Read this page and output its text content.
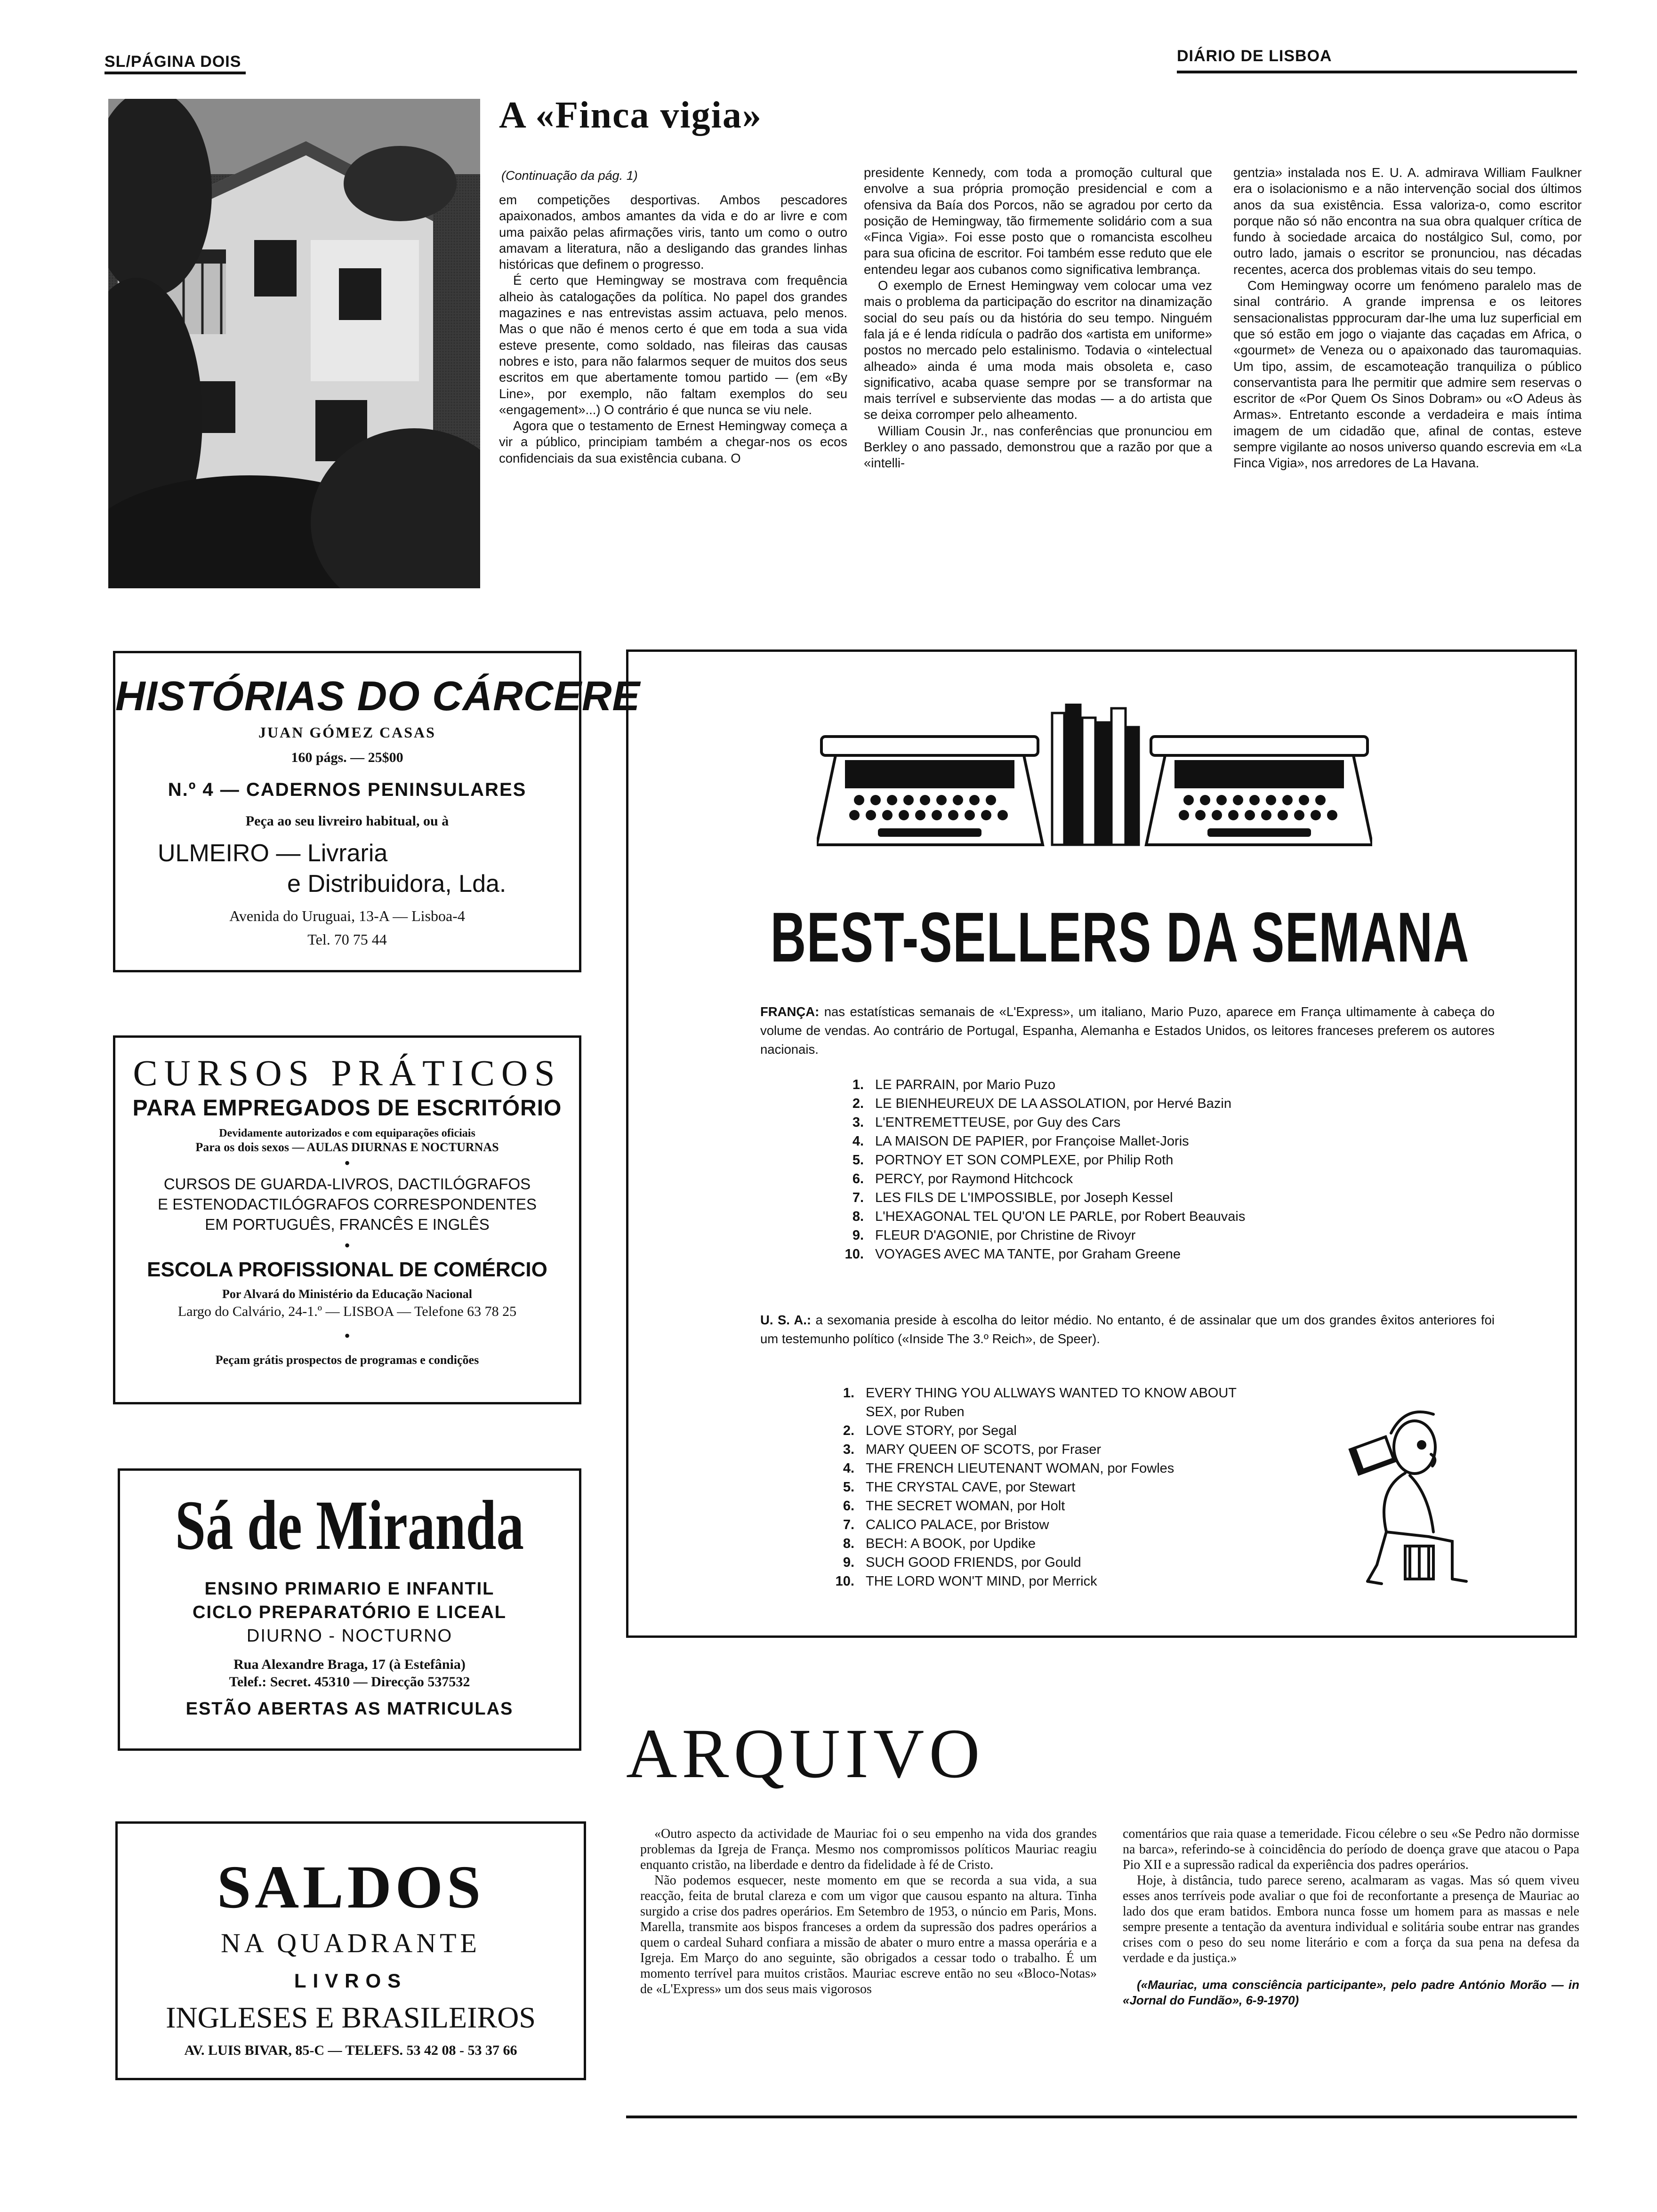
SL/PÁGINA DOIS	DIÁRIO DE LISBOA
A «Finca vigia»
(Continuação da pág. 1)

em competições desportivas. Ambos pescadores apaixonados, ambos amantes da vida e do ar livre e com uma paixão pelas afirmações viris, tanto um como o outro amavam a literatura, não a desligando das grandes linhas históricas que definem o progresso.

É certo que Hemingway se mostrava com frequência alheio às catalogações da política. No papel dos grandes magazines e nas entrevistas assim actuava, pelo menos. Mas o que não é menos certo é que em toda a sua vida esteve presente, como soldado, nas fileiras das causas nobres e isto, para não falarmos sequer de muitos dos seus escritos em que abertamente tomou partido — (em «By Line», por exemplo, não faltam exemplos do seu «engagement»...) O contrário é que nunca se viu nele.

Agora que o testamento de Ernest Hemingway começa a vir a público, principiam também a chegar-nos os ecos confidenciais da sua existência cubana. O

presidente Kennedy, com toda a promoção cultural que envolve a sua própria promoção presidencial e com a ofensiva da Baía dos Porcos, não se agradou por certo da posição de Hemingway, tão firmemente solidário com a sua «Finca Vigia». Foi esse posto que o romancista escolheu para sua oficina de escritor. Foi também esse reduto que ele entendeu legar aos cubanos como significativa lembrança.

O exemplo de Ernest Hemingway vem colocar uma vez mais o problema da participação do escritor na dinamização social do seu país ou da história do seu tempo. Ninguém fala já e é lenda ridícula o padrão dos «artista em uniforme» postos no mercado pelo estalinismo. Todavia o «intelectual alheado» ainda é uma moda mais obsoleta e, caso significativo, acaba quase sempre por se transformar na mais terrível e subserviente das modas — a do artista que se deixa corromper pelo alheamento.

William Cousin Jr., nas conferências que pronunciou em Berkley o ano passado, demonstrou que a razão por que a «intelli-

gentzia» instalada nos E. U. A. admirava William Faulkner era o isolacionismo e a não intervenção social dos últimos anos da sua existência. Essa valoriza-o, como escritor porque não só não encontra na sua obra qualquer crítica de fundo à sociedade arcaica do nostálgico Sul, como, por outro lado, jamais o escritor se pronunciou, nas décadas recentes, acerca dos problemas vitais do seu tempo.

Com Hemingway ocorre um fenómeno paralelo mas de sinal contrário. A grande imprensa e os leitores sensacionalistas ppprocuram dar-lhe uma luz superficial em que só estão em jogo o viajante das caçadas em Africa, o «gourmet» de Veneza ou o apaixonado das tauromaquias. Um tipo, assim, de escamoteação tranquiliza o público conservantista para lhe permitir que admire sem reservas o escritor de «Por Quem Os Sinos Dobram» ou «O Adeus às Armas». Entretanto esconde a verdadeira e mais íntima imagem de um cidadão que, afinal de contas, esteve sempre vigilante ao nosos universo quando escrevia em «La Finca Vigia», nos arredores de La Havana.

HISTÓRIAS DO CÁRCERE
JUAN GÓMEZ CASAS
160 págs. — 25$00
N.º 4 — CADERNOS PENINSULARES
Peça ao seu livreiro habitual, ou à
ULMEIRO — Livraria
e Distribuidora, Lda.
Avenida do Uruguai, 13-A — Lisboa-4
Tel. 70 75 44
CURSOS PRÁTICOS
PARA EMPREGADOS DE ESCRITÓRIO
Devidamente autorizados e com equiparações oficiais
Para os dois sexos — AULAS DIURNAS E NOCTURNAS
•
CURSOS DE GUARDA-LIVROS, DACTILÓGRAFOS
E ESTENODACTILÓGRAFOS CORRESPONDENTES
EM PORTUGUÊS, FRANCÊS E INGLÊS
•
ESCOLA PROFISSIONAL DE COMÉRCIO
Por Alvará do Ministério da Educação Nacional
Largo do Calvário, 24-1.º — LISBOA — Telefone 63 78 25
•
Peçam grátis prospectos de programas e condições
Sá de Miranda
ENSINO PRIMARIO E INFANTIL
CICLO PREPARATÓRIO E LICEAL
DIURNO - NOCTURNO
Rua Alexandre Braga, 17 (à Estefânia)
Telef.: Secret. 45310 — Direcção 537532
ESTÃO ABERTAS AS MATRICULAS
SALDOS
NA QUADRANTE
LIVROS
INGLESES E BRASILEIROS
AV. LUIS BIVAR, 85-C — TELEFS. 53 42 08 - 53 37 66
BEST-SELLERS DA SEMANA
FRANÇA: nas estatísticas semanais de «L'Express», um italiano, Mario Puzo, aparece em França ultimamente à cabeça do volume de vendas. Ao contrário de Portugal, Espanha, Alemanha e Estados Unidos, os leitores franceses preferem os autores nacionais.
1. LE PARRAIN, por Mario Puzo
2. LE BIENHEUREUX DE LA ASSOLATION, por Hervé Bazin
3. L'ENTREMETTEUSE, por Guy des Cars
4. LA MAISON DE PAPIER, por Françoise Mallet-Joris
5. PORTNOY ET SON COMPLEXE, por Philip Roth
6. PERCY, por Raymond Hitchcock
7. LES FILS DE L'IMPOSSIBLE, por Joseph Kessel
8. L'HEXAGONAL TEL QU'ON LE PARLE, por Robert Beauvais
9. FLEUR D'AGONIE, por Christine de Rivoyr
10. VOYAGES AVEC MA TANTE, por Graham Greene
U. S. A.: a sexomania preside à escolha do leitor médio. No entanto, é de assinalar que um dos grandes êxitos anteriores foi um testemunho político («Inside The 3.º Reich», de Speer).
1. EVERY THING YOU ALLWAYS WANTED TO KNOW ABOUT
SEX, por Ruben
2. LOVE STORY, por Segal
3. MARY QUEEN OF SCOTS, por Fraser
4. THE FRENCH LIEUTENANT WOMAN, por Fowles
5. THE CRYSTAL CAVE, por Stewart
6. THE SECRET WOMAN, por Holt
7. CALICO PALACE, por Bristow
8. BECH: A BOOK, por Updike
9. SUCH GOOD FRIENDS, por Gould
10. THE LORD WON'T MIND, por Merrick
ARQUIVO

«Outro aspecto da actividade de Mauriac foi o seu empenho na vida dos grandes problemas da Igreja de França. Mesmo nos compromissos políticos Mauriac reagiu enquanto cristão, na liberdade e dentro da fidelidade à fé de Cristo.

Não podemos esquecer, neste momento em que se recorda a sua vida, a sua reacção, feita de brutal clareza e com um vigor que causou espanto na altura. Tinha surgido a crise dos padres operários. Em Setembro de 1953, o núncio em Paris, Mons. Marella, transmite aos bispos franceses a ordem da supressão dos padres operários a quem o cardeal Suhard confiara a missão de abater o muro entre a massa operária e a Igreja. Em Março do ano seguinte, são obrigados a cessar todo o trabalho. É um momento terrível para muitos cristãos. Mauriac escreve então no seu «Bloco-Notas» de «L'Express» um dos seus mais vigorosos

comentários que raia quase a temeridade. Ficou célebre o seu «Se Pedro não dormisse na barca», referindo-se à coincidência do período de doença grave que atacou o Papa Pio XII e a supressão radical da experiência dos padres operários.

Hoje, à distância, tudo parece sereno, acalmaram as vagas. Mas só quem viveu esses anos terríveis pode avaliar o que foi de reconfortante a presença de Mauriac ao lado dos que eram batidos. Embora nunca fosse um homem para as massas e nele sempre presente a tentação da aventura individual e solitária soube entrar nas grandes crises com o peso do seu nome literário e com a força da sua pena na defesa da verdade e da justiça.»

(«Mauriac, uma consciência participante», pelo padre António Morão — in «Jornal do Fundão», 6-9-1970)
